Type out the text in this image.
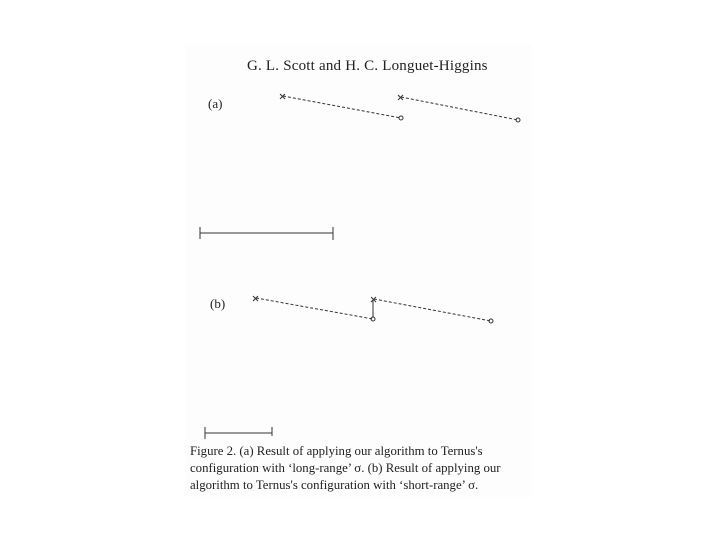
G. L. Scott and H. C. Longuet-Higgins
(a)
(b)
Figure 2. (a) Result of applying our algorithm to Ternus's
configuration with ‘long-range’ σ. (b) Result of applying our
algorithm to Ternus's configuration with ‘short-range’ σ.
